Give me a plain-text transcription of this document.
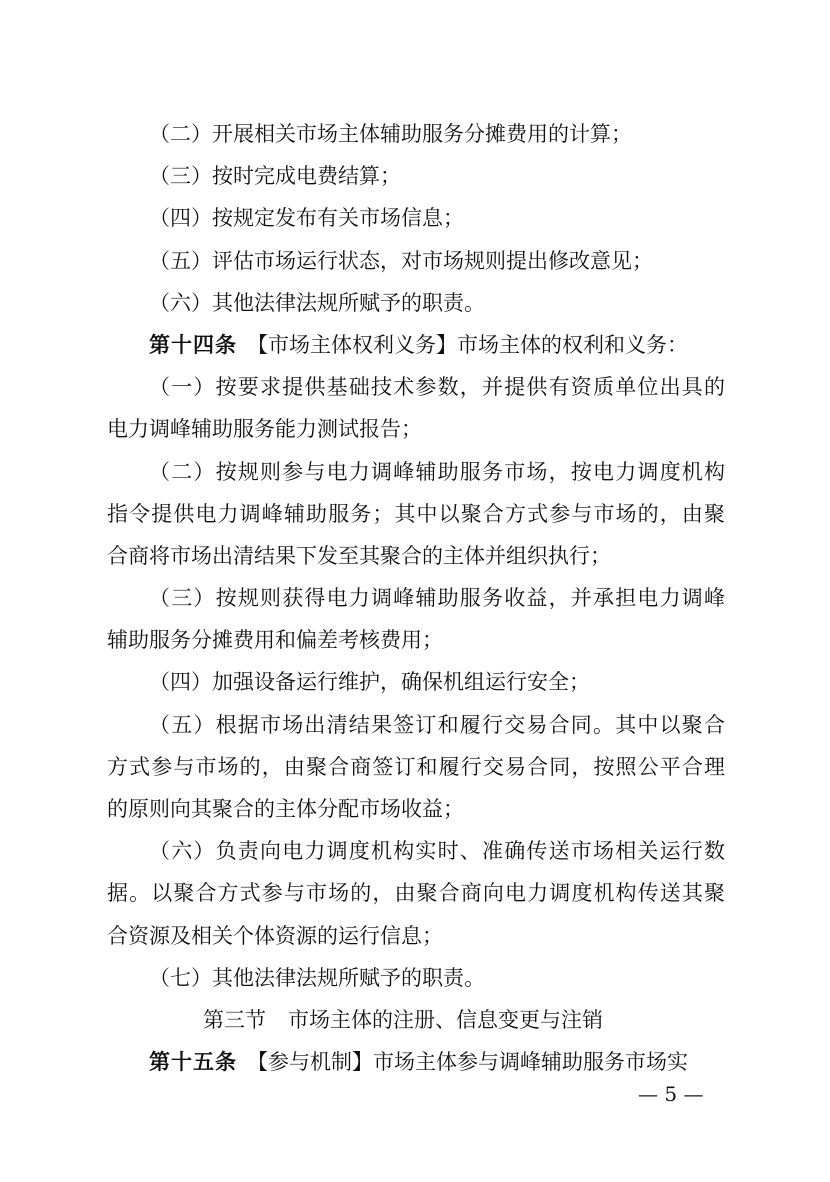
（二）开展相关市场主体辅助服务分摊费用的计算；
（三）按时完成电费结算；
（四）按规定发布有关市场信息；
（五）评估市场运行状态，对市场规则提出修改意见；
（六）其他法律法规所赋予的职责。
第十四条 【市场主体权利义务】市场主体的权利和义务：
（一）按要求提供基础技术参数，并提供有资质单位出具的
电力调峰辅助服务能力测试报告；
（二）按规则参与电力调峰辅助服务市场，按电力调度机构
指令提供电力调峰辅助服务；其中以聚合方式参与市场的，由聚
合商将市场出清结果下发至其聚合的主体并组织执行；
（三）按规则获得电力调峰辅助服务收益，并承担电力调峰
辅助服务分摊费用和偏差考核费用；
（四）加强设备运行维护，确保机组运行安全；
（五）根据市场出清结果签订和履行交易合同。其中以聚合
方式参与市场的，由聚合商签订和履行交易合同，按照公平合理
的原则向其聚合的主体分配市场收益；
（六）负责向电力调度机构实时、准确传送市场相关运行数
据。以聚合方式参与市场的，由聚合商向电力调度机构传送其聚
合资源及相关个体资源的运行信息；
（七）其他法律法规所赋予的职责。
第三节 市场主体的注册、信息变更与注销
第十五条 【参与机制】市场主体参与调峰辅助服务市场实
— 5 —
